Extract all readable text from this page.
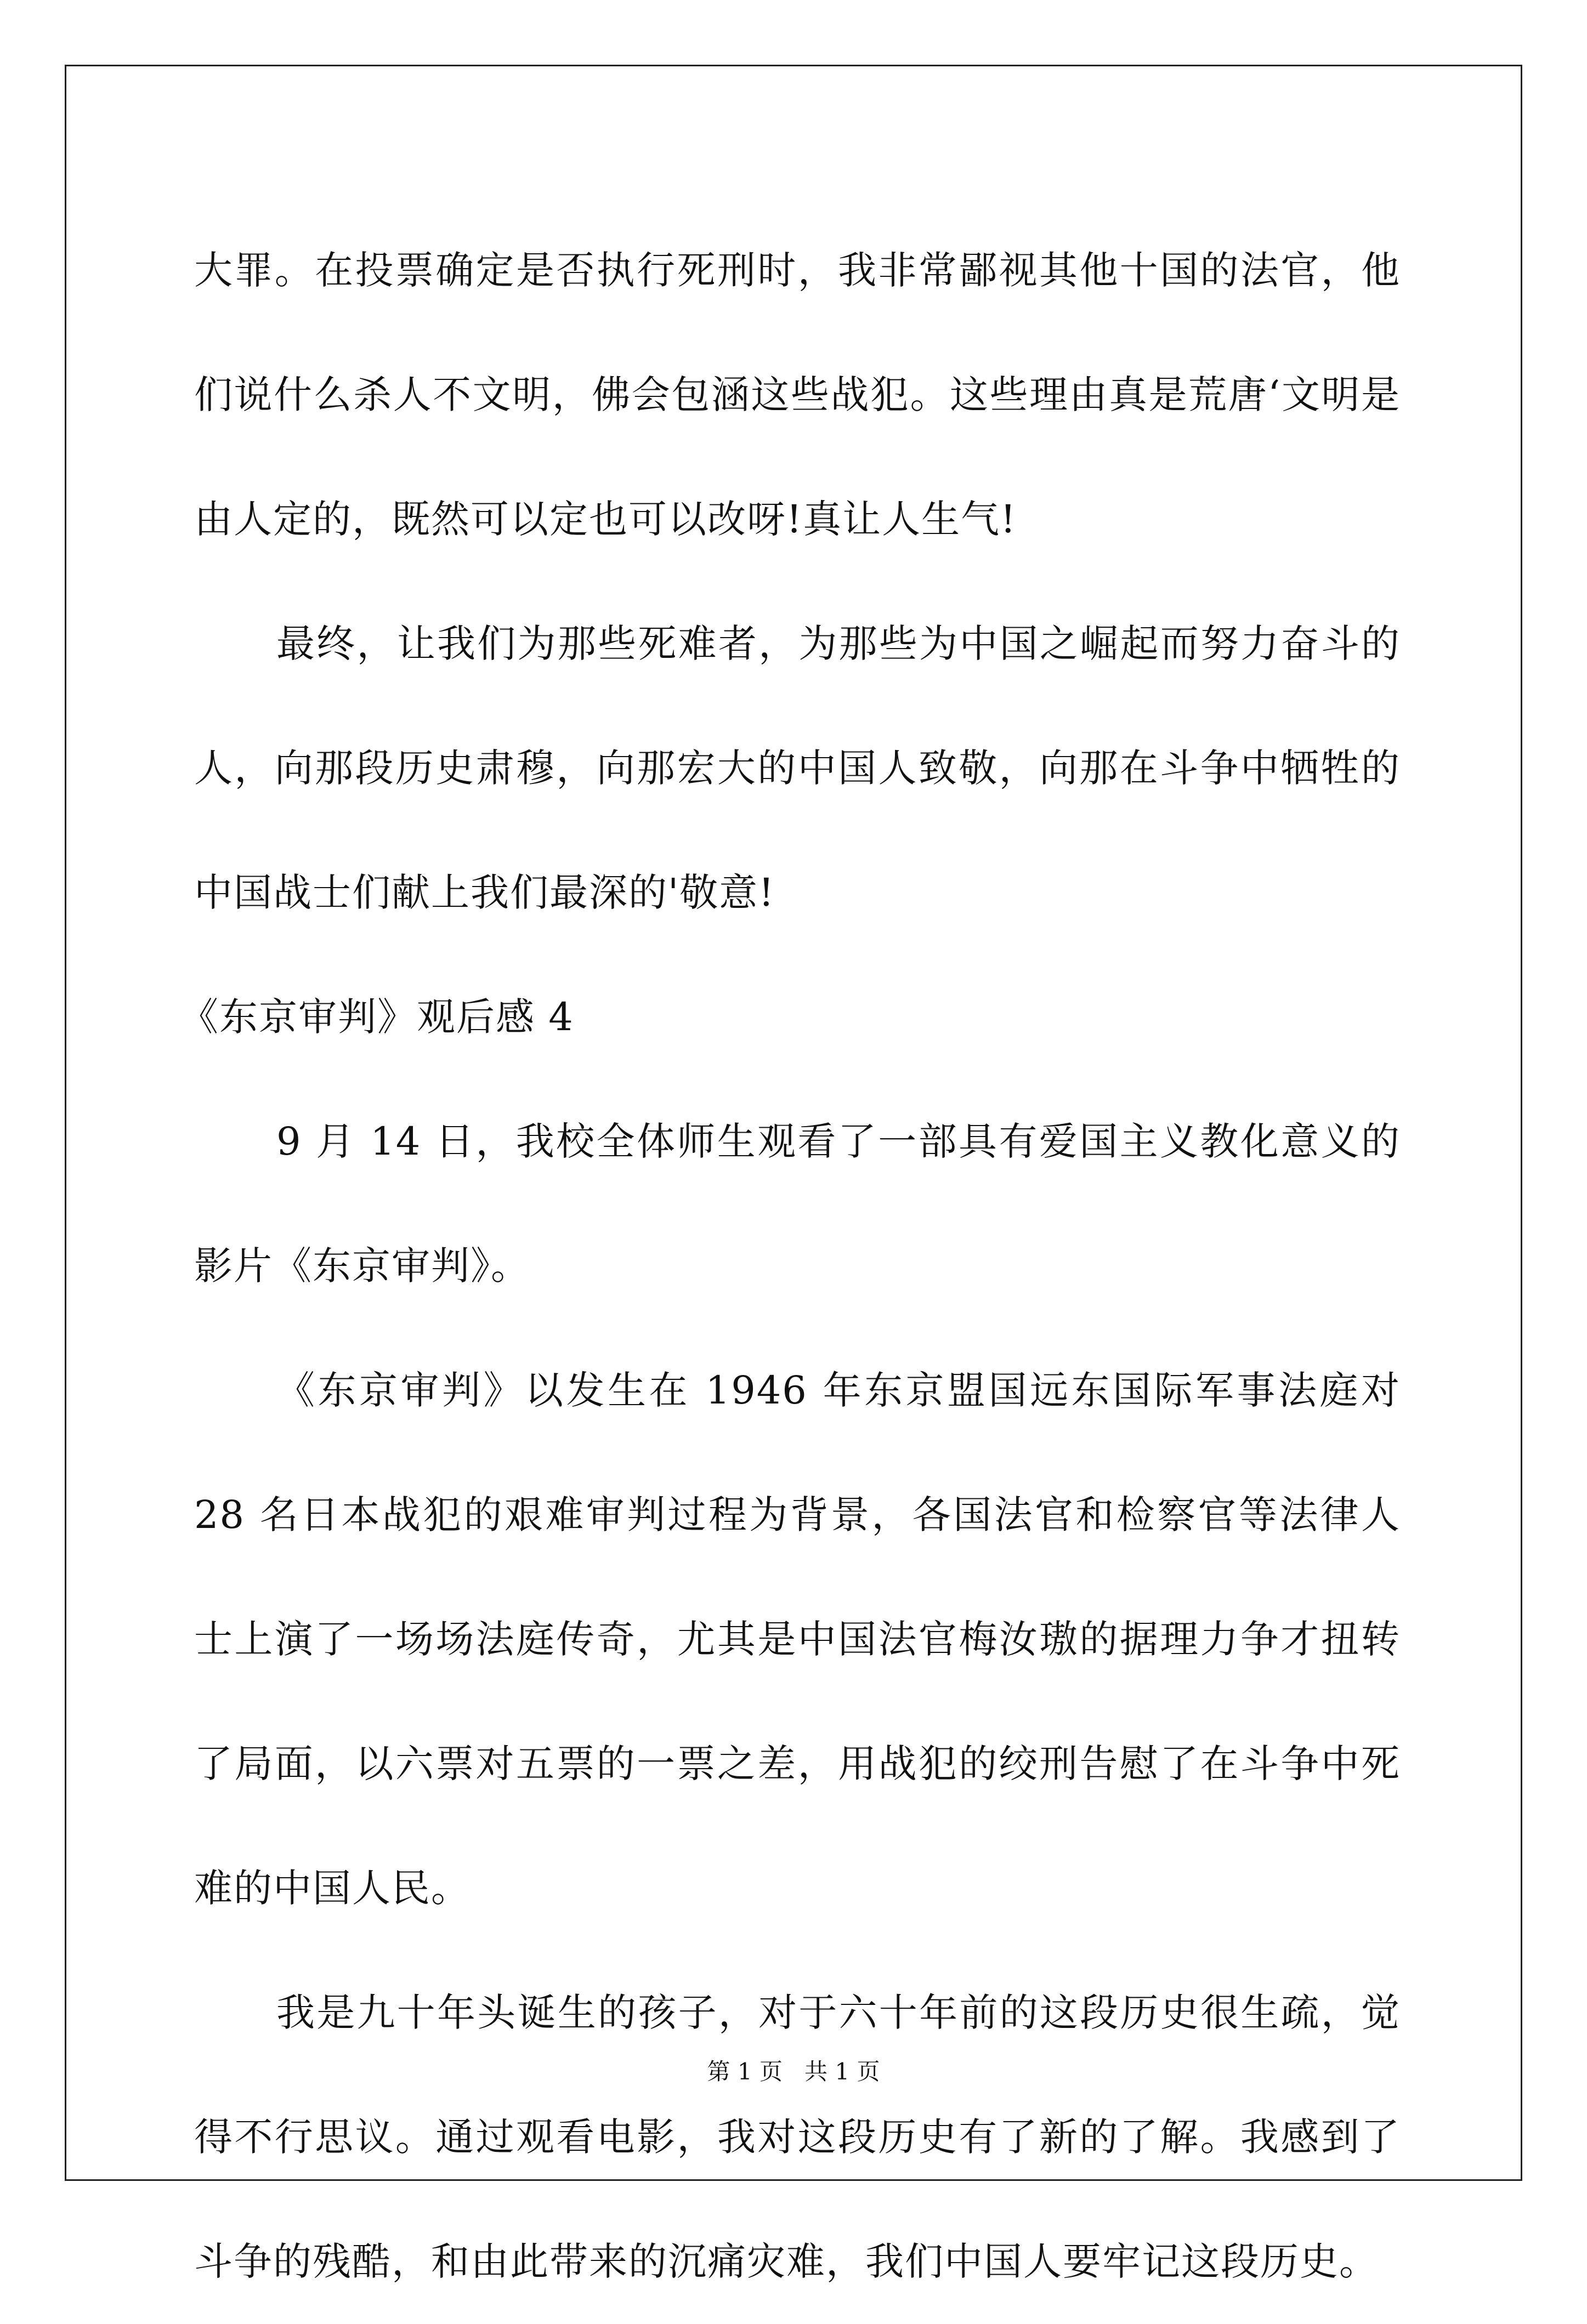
大罪。在投票确定是否执行死刑时，我非常鄙视其他十国的法官，他们说什么杀人不文明，佛会包涵这些战犯。这些理由真是荒唐‘文明是由人定的，既然可以定也可以改呀!真让人生气!

最终，让我们为那些死难者，为那些为中国之崛起而努力奋斗的人，向那段历史肃穆，向那宏大的中国人致敬，向那在斗争中牺牲的中国战士们献上我们最深的'敬意!

《东京审判》观后感 4

9 月 14 日，我校全体师生观看了一部具有爱国主义教化意义的影片《东京审判》。

《东京审判》以发生在 1946 年东京盟国远东国际军事法庭对 28 名日本战犯的艰难审判过程为背景，各国法官和检察官等法律人士上演了一场场法庭传奇，尤其是中国法官梅汝璈的据理力争才扭转了局面，以六票对五票的一票之差，用战犯的绞刑告慰了在斗争中死难的中国人民。

我是九十年头诞生的孩子，对于六十年前的这段历史很生疏，觉得不行思议。通过观看电影，我对这段历史有了新的了解。我感到了斗争的残酷，和由此带来的沉痛灾难，我们中国人要牢记这段历史。

第 1 页   共 1 页
